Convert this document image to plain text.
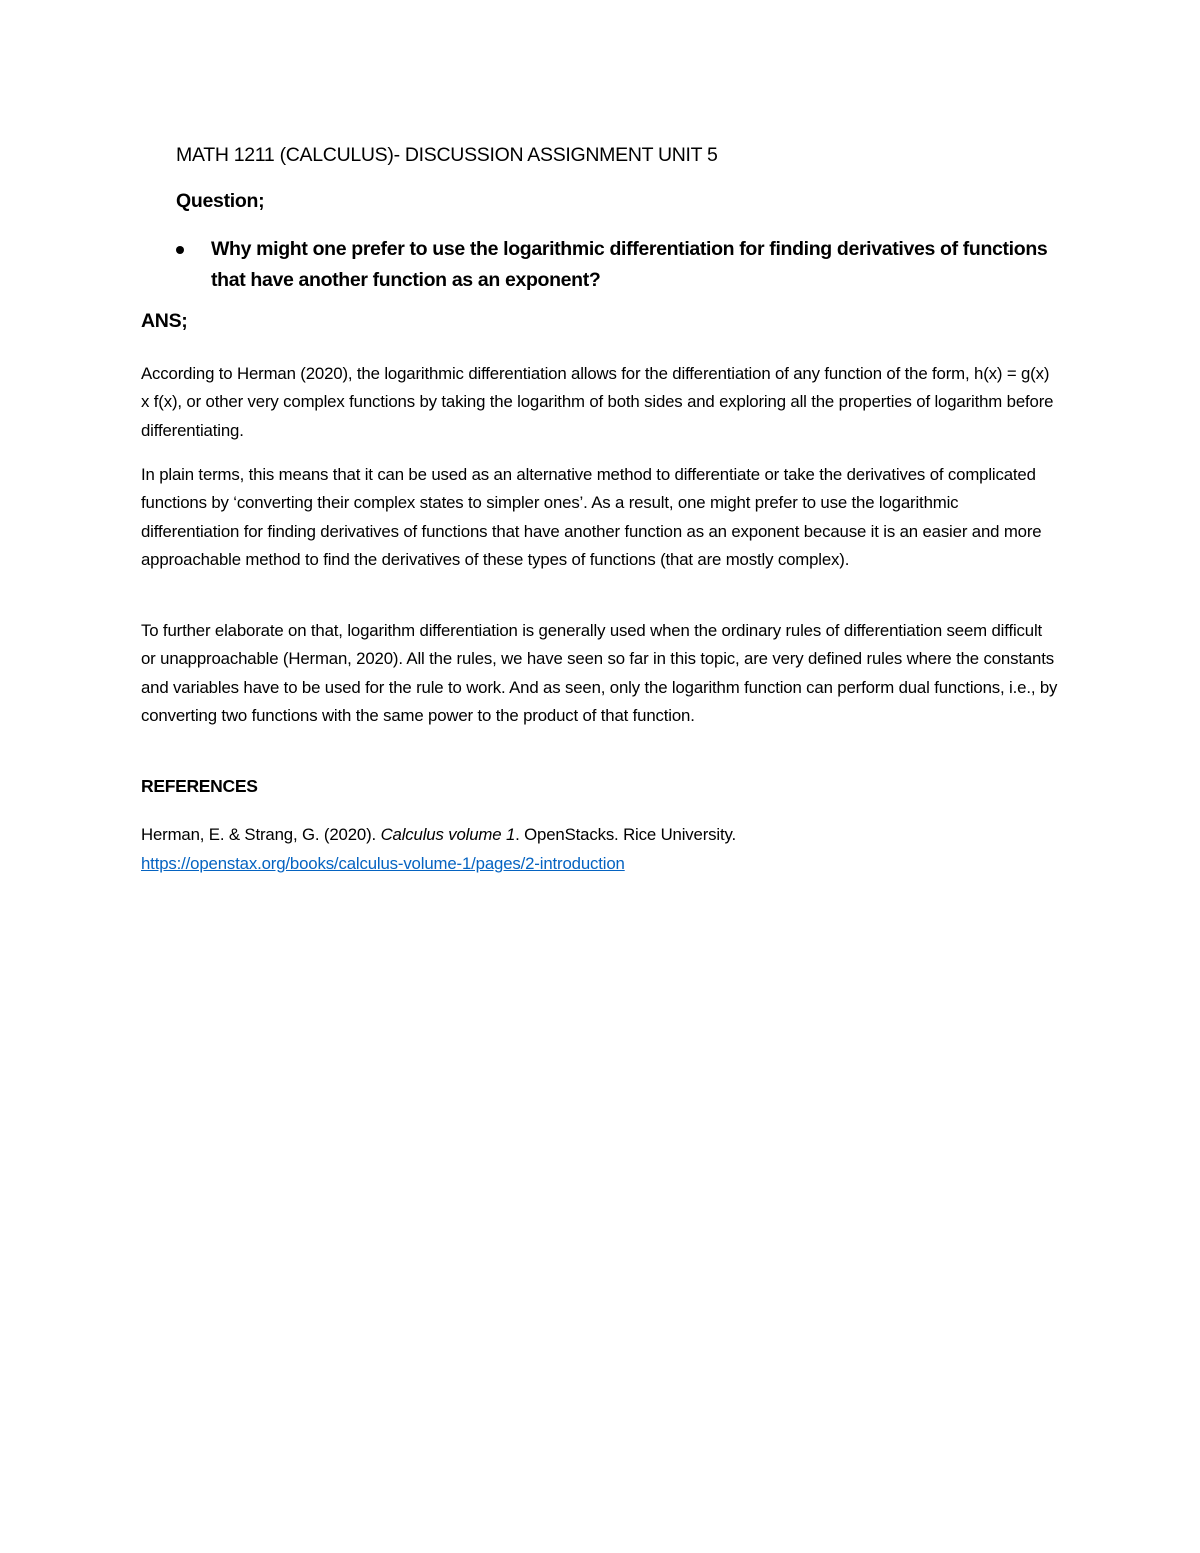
MATH 1211 (CALCULUS)- DISCUSSION ASSIGNMENT UNIT 5
Question;
Why might one prefer to use the logarithmic differentiation for finding derivatives of functions that have another function as an exponent?
ANS;

According to Herman (2020), the logarithmic differentiation allows for the differentiation of any function of the form, h(x) = g(x) x f(x), or other very complex functions by taking the logarithm of both sides and exploring all the properties of logarithm before differentiating.

In plain terms, this means that it can be used as an alternative method to differentiate or take the derivatives of complicated functions by ‘converting their complex states to simpler ones’. As a result, one might prefer to use the logarithmic differentiation for finding derivatives of functions that have another function as an exponent because it is an easier and more approachable method to find the derivatives of these types of functions (that are mostly complex).

To further elaborate on that, logarithm differentiation is generally used when the ordinary rules of differentiation seem difficult or unapproachable (Herman, 2020). All the rules, we have seen so far in this topic, are very defined rules where the constants and variables have to be used for the rule to work. And as seen, only the logarithm function can perform dual functions, i.e., by converting two functions with the same power to the product of that function.

REFERENCES

Herman, E. & Strang, G. (2020). Calculus volume 1. OpenStacks. Rice University. https://openstax.org/books/calculus-volume-1/pages/2-introduction
